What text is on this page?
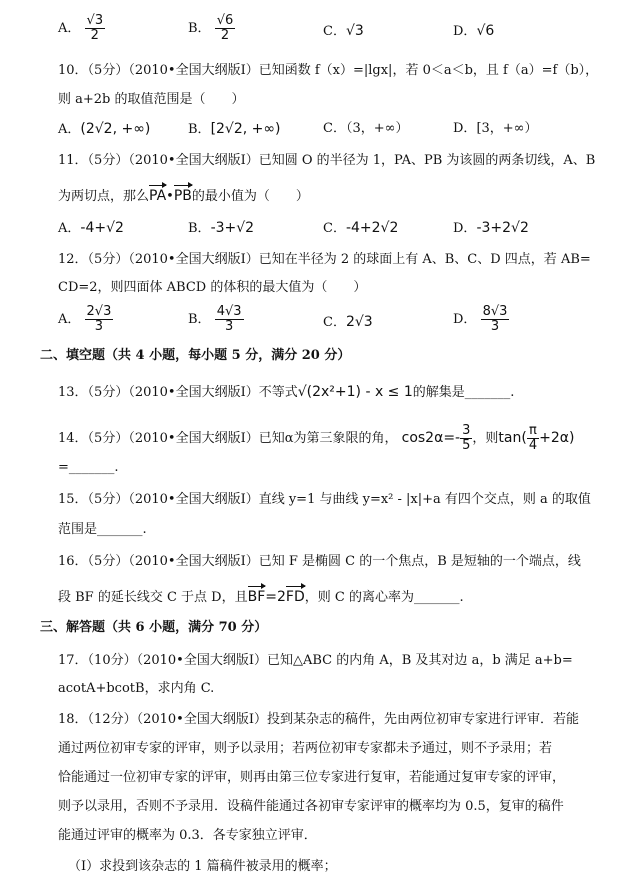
A． $\frac{√3}{2}$	B． $\frac{√6}{2}$	C．√3	D．√6
10．（5分）（2010•全国大纲版Ⅰ）已知函数 f（x）=|lgx|，若 0＜a＜b，且 f（a）=f（b），
则 a+2b 的取值范围是（　　）
A．(2√2, +∞)	B．[2√2, +∞)	C．（3，+∞）	D．[3，+∞）
11．（5分）（2010•全国大纲版Ⅰ）已知圆 O 的半径为 1，PA、PB 为该圆的两条切线，A、B
为两切点，那么PA•PB的最小值为（　　）
A．-4+√2	B．-3+√2	C．-4+2√2	D．-3+2√2
12．（5分）（2010•全国大纲版Ⅰ）已知在半径为 2 的球面上有 A、B、C、D 四点，若 AB=
CD=2，则四面体 ABCD 的体积的最大值为（　　）
A． $\frac{2√3}{3}$	B． $\frac{4√3}{3}$	C．2√3	D． $\frac{8√3}{3}$
二、填空题（共 4 小题，每小题 5 分，满分 20 分）
13．（5分）（2010•全国大纲版Ⅰ）不等式√(2x²+1) - x ≤ 1的解集是_______.
14．（5分）（2010•全国大纲版Ⅰ）已知α为第三象限的角， $\cos 2\alpha=- \frac{3}{5}$ ，则$\tan( \frac{\pi}{4} +2\alpha)$
=_______.
15．（5分）（2010•全国大纲版Ⅰ）直线 y=1 与曲线 y=x² - |x|+a 有四个交点，则 a 的取值
范围是_______.
16．（5分）（2010•全国大纲版Ⅰ）已知 F 是椭圆 C 的一个焦点，B 是短轴的一个端点，线
段 BF 的延长线交 C 于点 D，且BF=2FD，则 C 的离心率为_______.
三、解答题（共 6 小题，满分 70 分）
17．（10分）（2010•全国大纲版Ⅰ）已知△ABC 的内角 A，B 及其对边 a，b 满足 a+b=
acotA+bcotB，求内角 C.
18．（12分）（2010•全国大纲版Ⅰ）投到某杂志的稿件，先由两位初审专家进行评审．若能
通过两位初审专家的评审，则予以录用；若两位初审专家都未予通过，则不予录用；若
恰能通过一位初审专家的评审，则再由第三位专家进行复审，若能通过复审专家的评审，
则予以录用，否则不予录用．设稿件能通过各初审专家评审的概率均为 0.5，复审的稿件
能通过评审的概率为 0.3．各专家独立评审．
（Ⅰ）求投到该杂志的 1 篇稿件被录用的概率；
